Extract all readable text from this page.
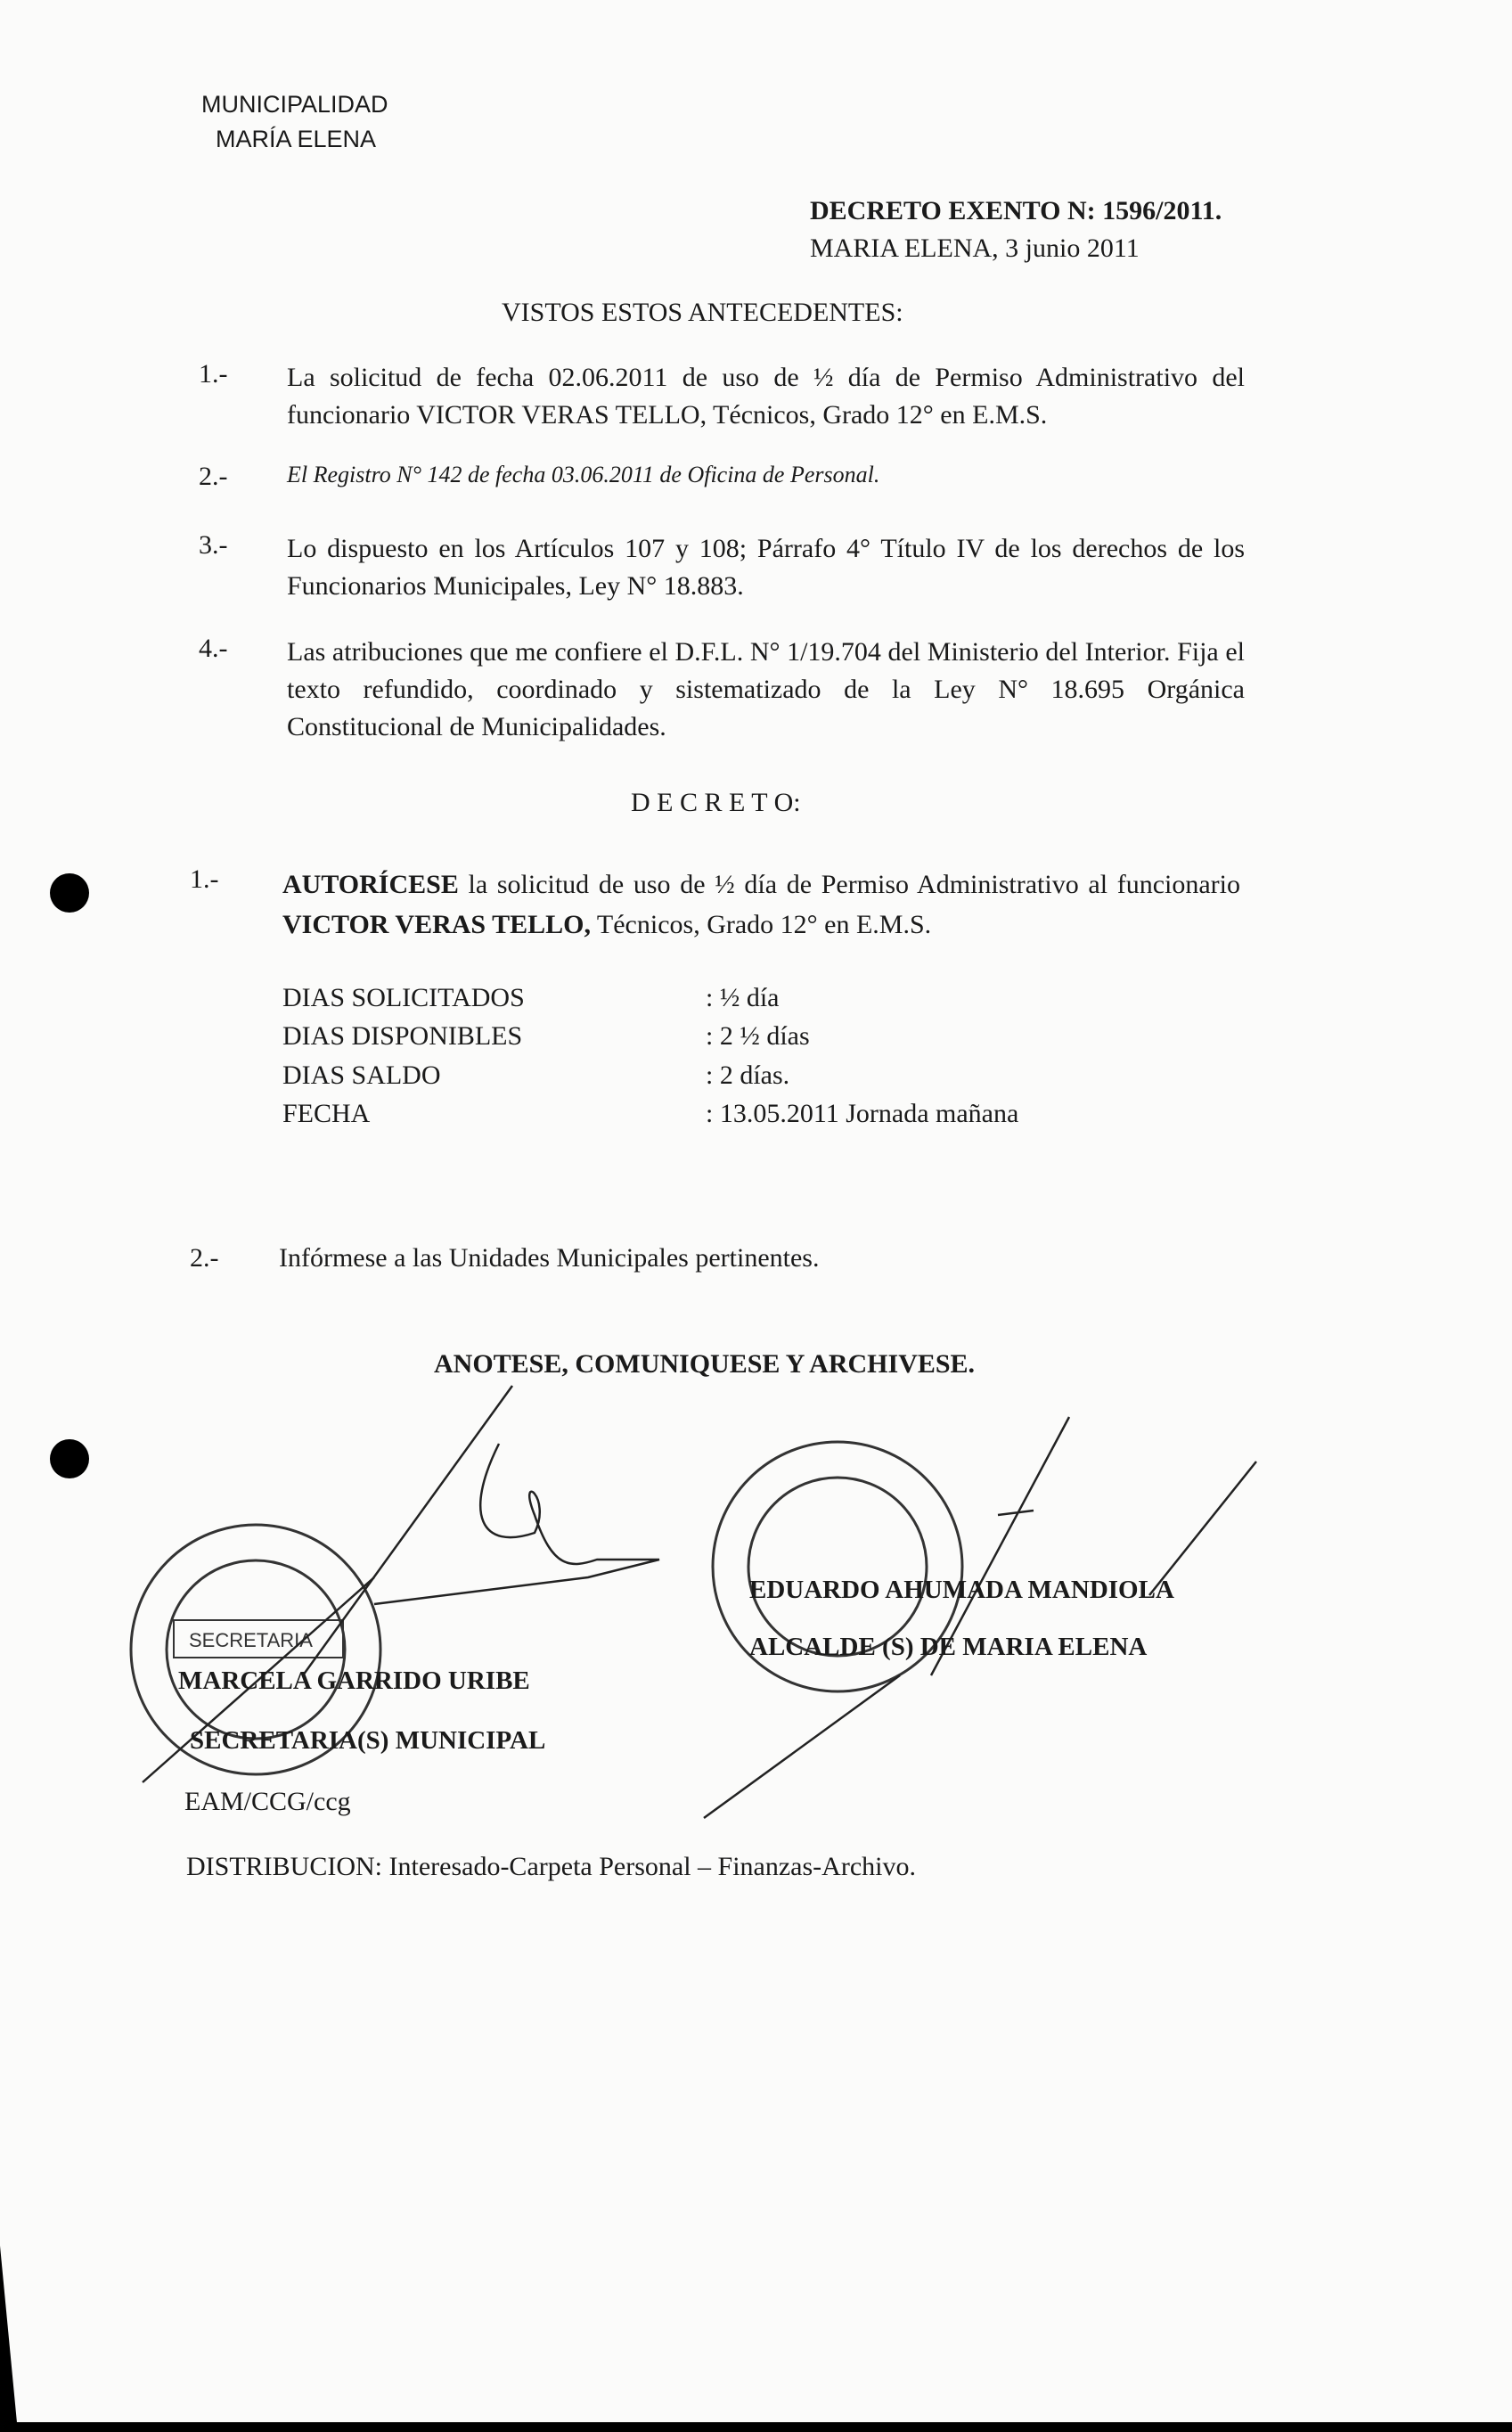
MUNICIPALIDAD
MARÍA ELENA
DECRETO EXENTO N: 1596/2011.
MARIA ELENA, 3 junio 2011
VISTOS ESTOS ANTECEDENTES:
1.- La solicitud de fecha 02.06.2011 de uso de ½ día de Permiso Administrativo del funcionario VICTOR VERAS TELLO, Técnicos, Grado 12° en E.M.S.
2.-	El Registro N° 142 de fecha 03.06.2011 de Oficina de Personal.
3.- Lo dispuesto en los Artículos 107 y 108; Párrafo 4° Título IV de los derechos de los Funcionarios Municipales, Ley N° 18.883.
4.- Las atribuciones que me confiere el D.F.L. N° 1/19.704 del Ministerio del Interior. Fija el texto refundido, coordinado y sistematizado de la Ley N° 18.695 Orgánica Constitucional de Municipalidades.
D E C R E T O:
1.- AUTORÍCESE la solicitud de uso de ½ día de Permiso Administrativo al funcionario VICTOR VERAS TELLO, Técnicos, Grado 12° en E.M.S.
DIAS SOLICITADOS	: ½ día
DIAS DISPONIBLES	: 2 ½ días
DIAS SALDO	: 2 días.
FECHA	: 13.05.2011 Jornada mañana
2.- Infórmese a las Unidades Municipales pertinentes.
ANOTESE, COMUNIQUESE Y ARCHIVESE.
SECRETARIA
EDUARDO AHUMADA MANDIOLA
ALCALDE (S) DE MARIA ELENA
MARCELA GARRIDO URIBE
SECRETARIA(S) MUNICIPAL
EAM/CCG/ccg
DISTRIBUCION: Interesado-Carpeta Personal – Finanzas-Archivo.
